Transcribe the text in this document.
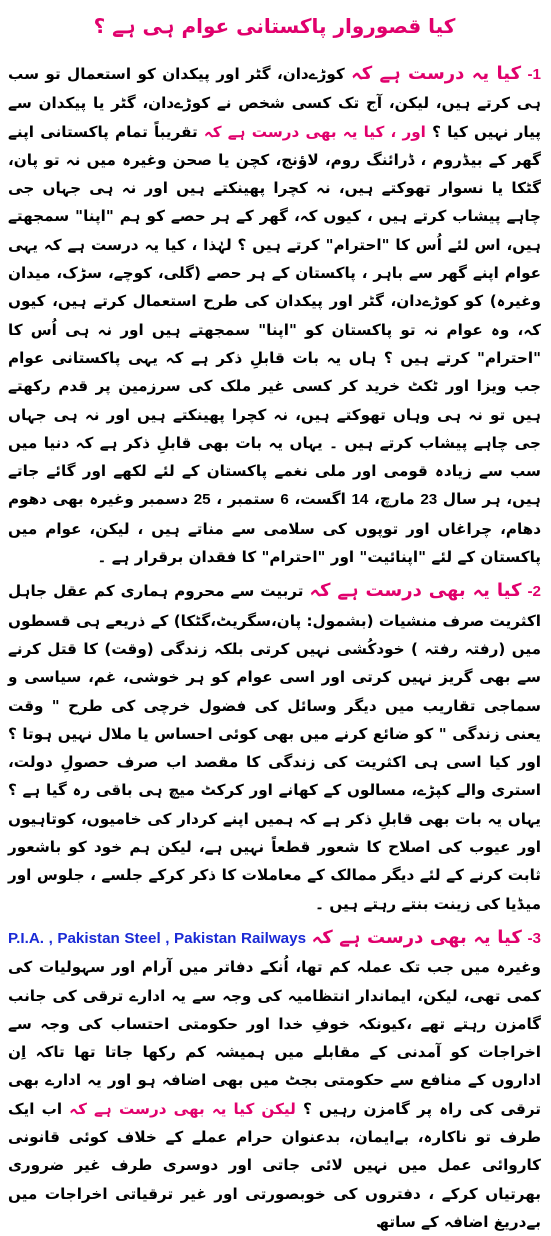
کیا قصوروار پاکستانی عوام ہی ہے ؟

1- کیا یہ درست ہے کہ کوڑےدان، گٹر اور پیکدان کو استعمال تو سب ہی کرتے ہیں، لیکن، آج تک کسی شخص نے کوڑےدان، گٹر یا پیکدان سے پیار نہیں کیا ؟ اور ، کیا یہ بھی درست ہے کہ تقریباً تمام پاکستانی اپنے گھر کے بیڈروم ، ڈرائنگ روم، لاؤنج، کچن یا صحن وغیرہ میں نہ تو پان، گٹکا یا نسوار تھوکتے ہیں، نہ کچرا پھینکتے ہیں اور نہ ہی جہاں جی چاہے پیشاب کرتے ہیں ، کیوں کہ، گھر کے ہر حصے کو ہم "اپنا" سمجھتے ہیں، اس لئے اُس کا "احترام" کرتے ہیں ؟ لہٰذا ، کیا یہ درست ہے کہ یہی عوام اپنے گھر سے باہر ، پاکستان کے ہر حصے (گلی، کوچے، سڑک، میدان وغیرہ) کو کوڑےدان، گٹر اور پیکدان کی طرح استعمال کرتے ہیں، کیوں کہ، وہ عوام نہ تو پاکستان کو "اپنا" سمجھتے ہیں اور نہ ہی اُس کا "احترام" کرتے ہیں ؟ ہاں یہ بات قابلِ ذکر ہے کہ یہی پاکستانی عوام جب ویزا اور ٹکٹ خرید کر کسی غیر ملک کی سرزمین پر قدم رکھتے ہیں تو نہ ہی وہاں تھوکتے ہیں، نہ کچرا پھینکتے ہیں اور نہ ہی جہاں جی چاہے پیشاب کرتے ہیں ۔ یہاں یہ بات بھی قابلِ ذکر ہے کہ دنیا میں سب سے زیادہ قومی اور ملی نغمے پاکستان کے لئے لکھے اور گائے جاتے ہیں، ہر سال 23 مارچ، 14 اگست، 6 ستمبر ، 25 دسمبر وغیرہ بھی دھوم دھام، چراغاں اور توپوں کی سلامی سے مناتے ہیں ، لیکن، عوام میں پاکستان کے لئے "اپنائیت" اور "احترام" کا فقدان برقرار ہے ۔

2- کیا یہ بھی درست ہے کہ تربیت سے محروم ہماری کم عقل جاہل اکثریت صرف منشیات (بشمول: پان،سگریٹ،گٹکا) کے ذریعے ہی قسطوں میں (رفتہ رفتہ ) خودکُشی نہیں کرتی بلکہ زندگی (وقت) کا قتل کرنے سے بھی گریز نہیں کرتی اور اسی عوام کو ہر خوشی، غم، سیاسی و سماجی تقاریب میں دیگر وسائل کی فضول خرچی کی طرح " وقت یعنی زندگی " کو ضائع کرنے میں بھی کوئی احساس یا ملال نہیں ہوتا ؟ اور کیا اسی ہی اکثریت کی زندگی کا مقصد اب صرف حصولِ دولت، استری والے کپڑے، مسالوں کے کھانے اور کرکٹ میچ ہی باقی رہ گیا ہے ؟ یہاں یہ بات بھی قابلِ ذکر ہے کہ ہمیں اپنے کردار کی خامیوں، کوتاہیوں اور عیوب کی اصلاح کا شعور قطعاً نہیں ہے، لیکن ہم خود کو باشعور ثابت کرنے کے لئے دیگر ممالک کے معاملات کا ذکر کرکے جلسے ، جلوس اور میڈیا کی زینت بنتے رہتے ہیں ۔

3- کیا یہ بھی درست ہے کہ P.I.A. , Pakistan Steel , Pakistan Railways وغیرہ میں جب تک عملہ کم تھا، اُنکے دفاتر میں آرام اور سہولیات کی کمی تھی، لیکن، ایماندار انتظامیہ کی وجہ سے یہ ادارے ترقی کی جانب گامزن رہتے تھے ،کیونکہ خوفِ خدا اور حکومتی احتساب کی وجہ سے اخراجات کو آمدنی کے مقابلے میں ہمیشہ کم رکھا جاتا تھا تاکہ اِن اداروں کے منافع سے حکومتی بجٹ میں بھی اضافہ ہو اور یہ ادارے بھی ترقی کی راہ پر گامزن رہیں ؟ لیکن کیا یہ بھی درست ہے کہ اب ایک طرف تو ناکارہ، بےایمان، بدعنوان حرام عملے کے خلاف کوئی قانونی کاروائی عمل میں نہیں لائی جاتی اور دوسری طرف غیر ضروری بھرتیاں کرکے ، دفتروں کی خوبصورتی اور غیر ترقیاتی اخراجات میں بےدریغ اضافہ کے ساتھ
